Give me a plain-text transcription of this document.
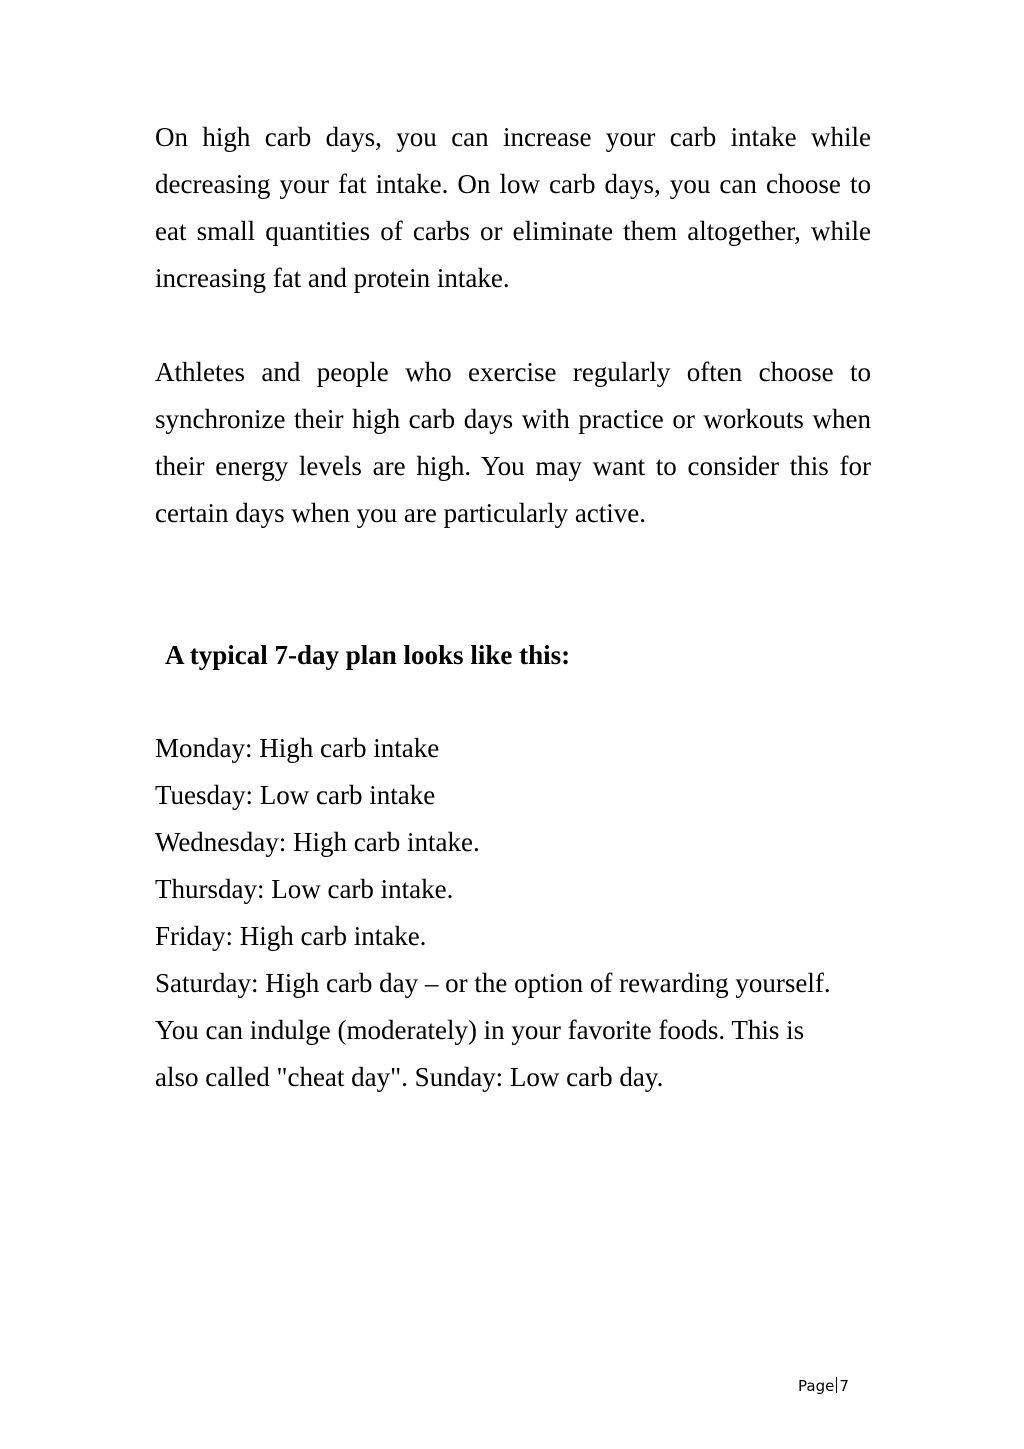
On high carb days, you can increase your carb intake while decreasing your fat intake. On low carb days, you can choose to eat small quantities of carbs or eliminate them altogether, while increasing fat and protein intake.

Athletes and people who exercise regularly often choose to synchronize their high carb days with practice or workouts when their energy levels are high. You may want to consider this for certain days when you are particularly active.

A typical 7-day plan looks like this:
Monday: High carb intake
Tuesday: Low carb intake
Wednesday: High carb intake.
Thursday: Low carb intake.
Friday: High carb intake.
Saturday: High carb day – or the option of rewarding yourself. You can indulge (moderately) in your favorite foods. This is also called "cheat day". Sunday: Low carb day.
Page 7
